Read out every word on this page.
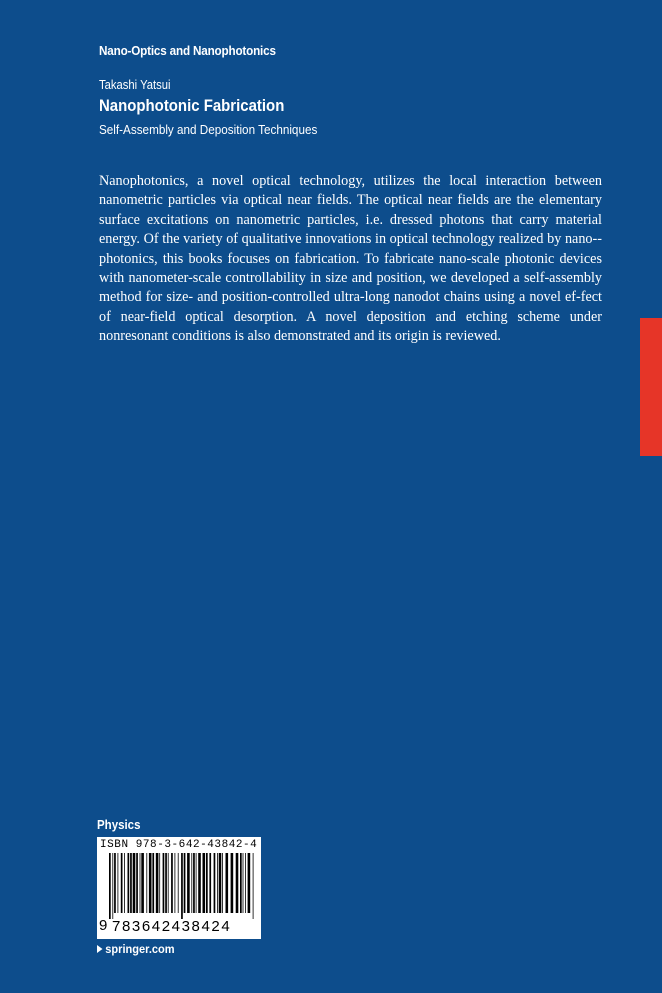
Nano-Optics and Nanophotonics
Takashi Yatsui
Nanophotonic Fabrication
Self-Assembly and Deposition Techniques

Nanophotonics, a novel optical technology, utilizes the local interaction between nanometric particles via optical near fields. The optical near fields are the elementary surface excitations on nanometric particles, i.e. dressed photons that carry material energy. Of the variety of qualitative innovations in optical technology realized by nano-photonics, this books focuses on fabrication. To fabricate nano-scale photonic devices with nanometer-scale controllability in size and position, we developed a self-assembly method for size- and position-controlled ultra-long nanodot chains using a novel ef-fect of near-field optical desorption. A novel deposition and etching scheme under nonresonant conditions is also demonstrated and its origin is reviewed.

Physics
ISBN 978-3-642-43842-4
9 783642438424
springer.com
